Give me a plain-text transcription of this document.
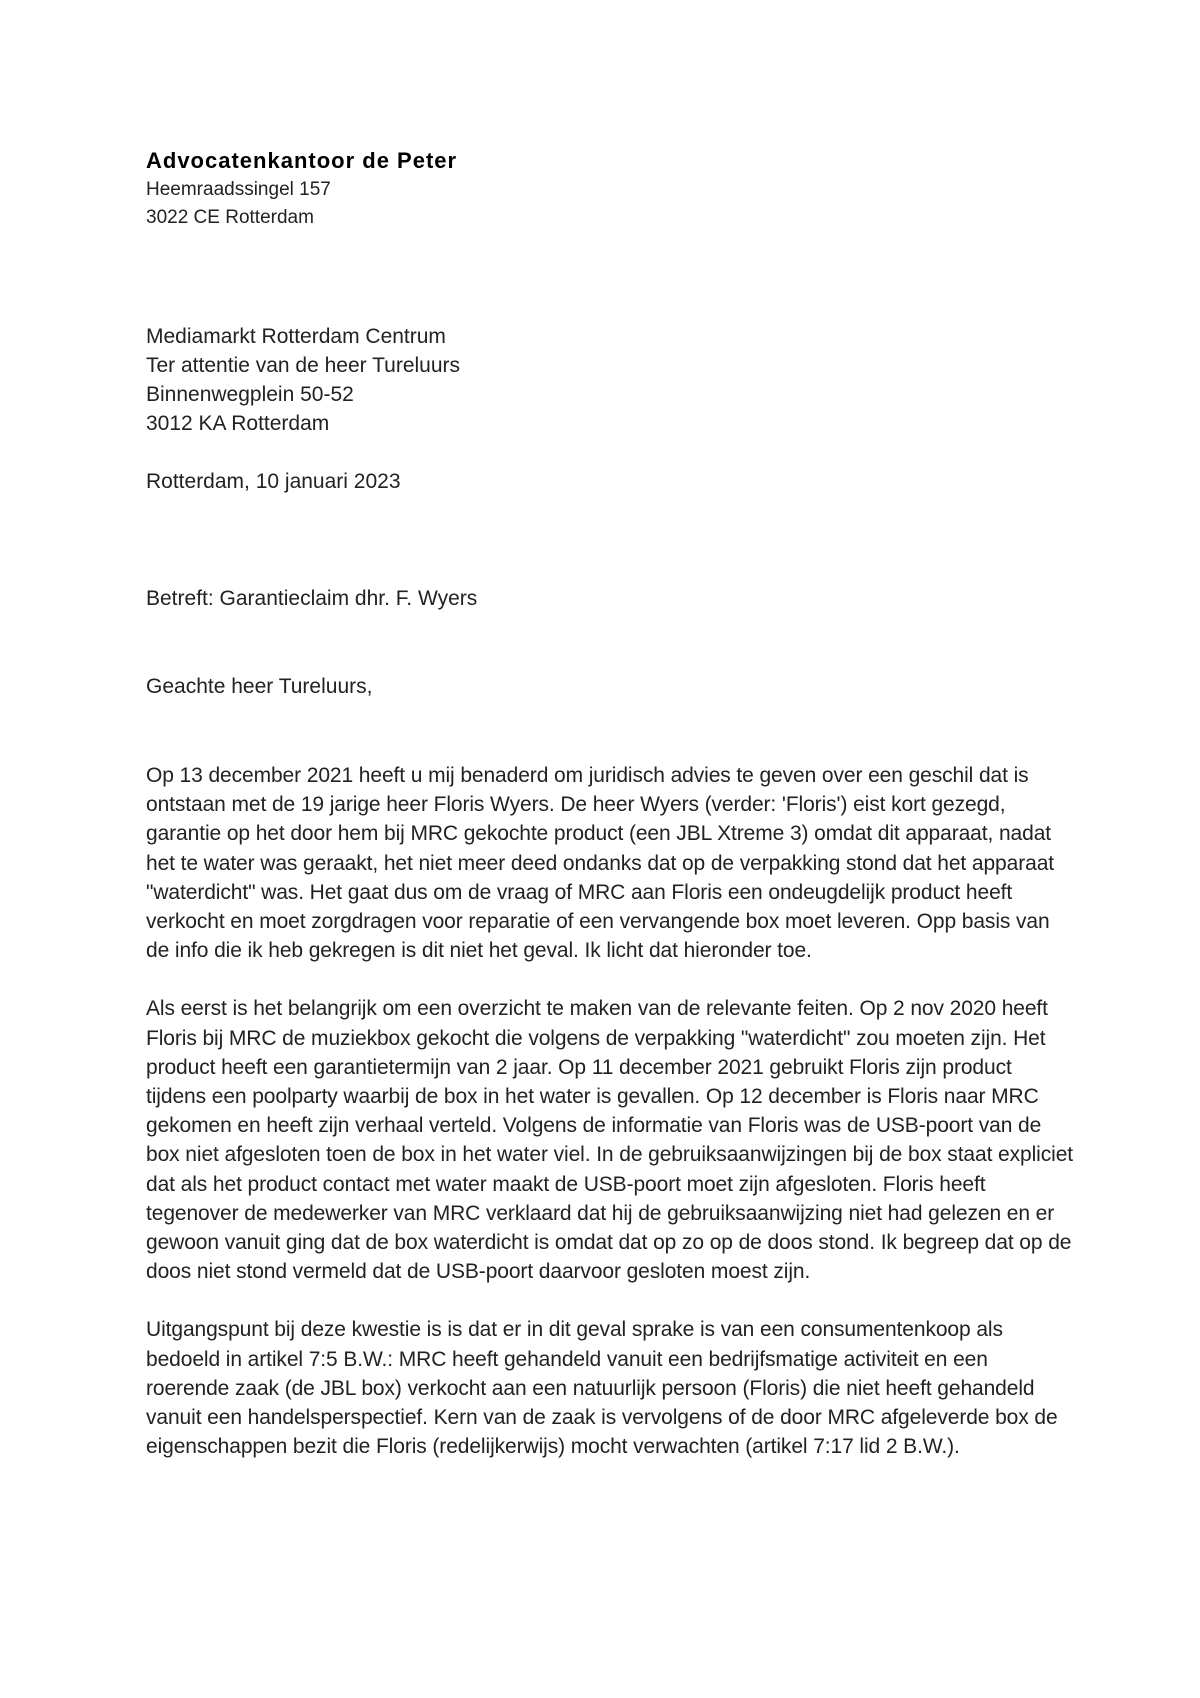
Advocatenkantoor de Peter

Heemraadssingel 157

3022 CE Rotterdam

Mediamarkt Rotterdam Centrum

Ter attentie van de heer Tureluurs

Binnenwegplein 50-52

3012 KA Rotterdam

Rotterdam, 10 januari 2023

Betreft: Garantieclaim dhr. F. Wyers

Geachte heer Tureluurs,

Op 13 december 2021 heeft u mij benaderd om juridisch advies te geven over een geschil dat is ontstaan met de 19 jarige heer Floris Wyers. De heer Wyers (verder: 'Floris') eist kort gezegd, garantie op het door hem bij MRC gekochte product (een JBL Xtreme 3) omdat dit apparaat, nadat het te water was geraakt, het niet meer deed ondanks dat op de verpakking stond dat het apparaat "waterdicht" was. Het gaat dus om de vraag of MRC aan Floris een ondeugdelijk product heeft verkocht en moet zorgdragen voor reparatie of een vervangende box moet leveren. Opp basis van de info die ik heb gekregen is dit niet het geval. Ik licht dat hieronder toe.

Als eerst is het belangrijk om een overzicht te maken van de relevante feiten. Op 2 nov 2020 heeft Floris bij MRC de muziekbox gekocht die volgens de verpakking "waterdicht" zou moeten zijn. Het product heeft een garantietermijn van 2 jaar. Op 11 december 2021 gebruikt Floris zijn product tijdens een poolparty waarbij de box in het water is gevallen. Op 12 december is Floris naar MRC gekomen en heeft zijn verhaal verteld. Volgens de informatie van Floris was de USB-poort van de box niet afgesloten toen de box in het water viel. In de gebruiksaanwijzingen bij de box staat expliciet dat als het product contact met water maakt de USB-poort moet zijn afgesloten. Floris heeft tegenover de medewerker van MRC verklaard dat hij de gebruiksaanwijzing niet had gelezen en er gewoon vanuit ging dat de box waterdicht is omdat dat op zo op de doos stond. Ik begreep dat op de doos niet stond vermeld dat de USB-poort daarvoor gesloten moest zijn.

Uitgangspunt bij deze kwestie is is dat er in dit geval sprake is van een consumentenkoop als bedoeld in artikel 7:5 B.W.: MRC heeft gehandeld vanuit een bedrijfsmatige activiteit en een roerende zaak (de JBL box) verkocht aan een natuurlijk persoon (Floris) die niet heeft gehandeld vanuit een handelsperspectief. Kern van de zaak is vervolgens of de door MRC afgeleverde box de eigenschappen bezit die Floris (redelijkerwijs) mocht verwachten (artikel 7:17 lid 2 B.W.).
